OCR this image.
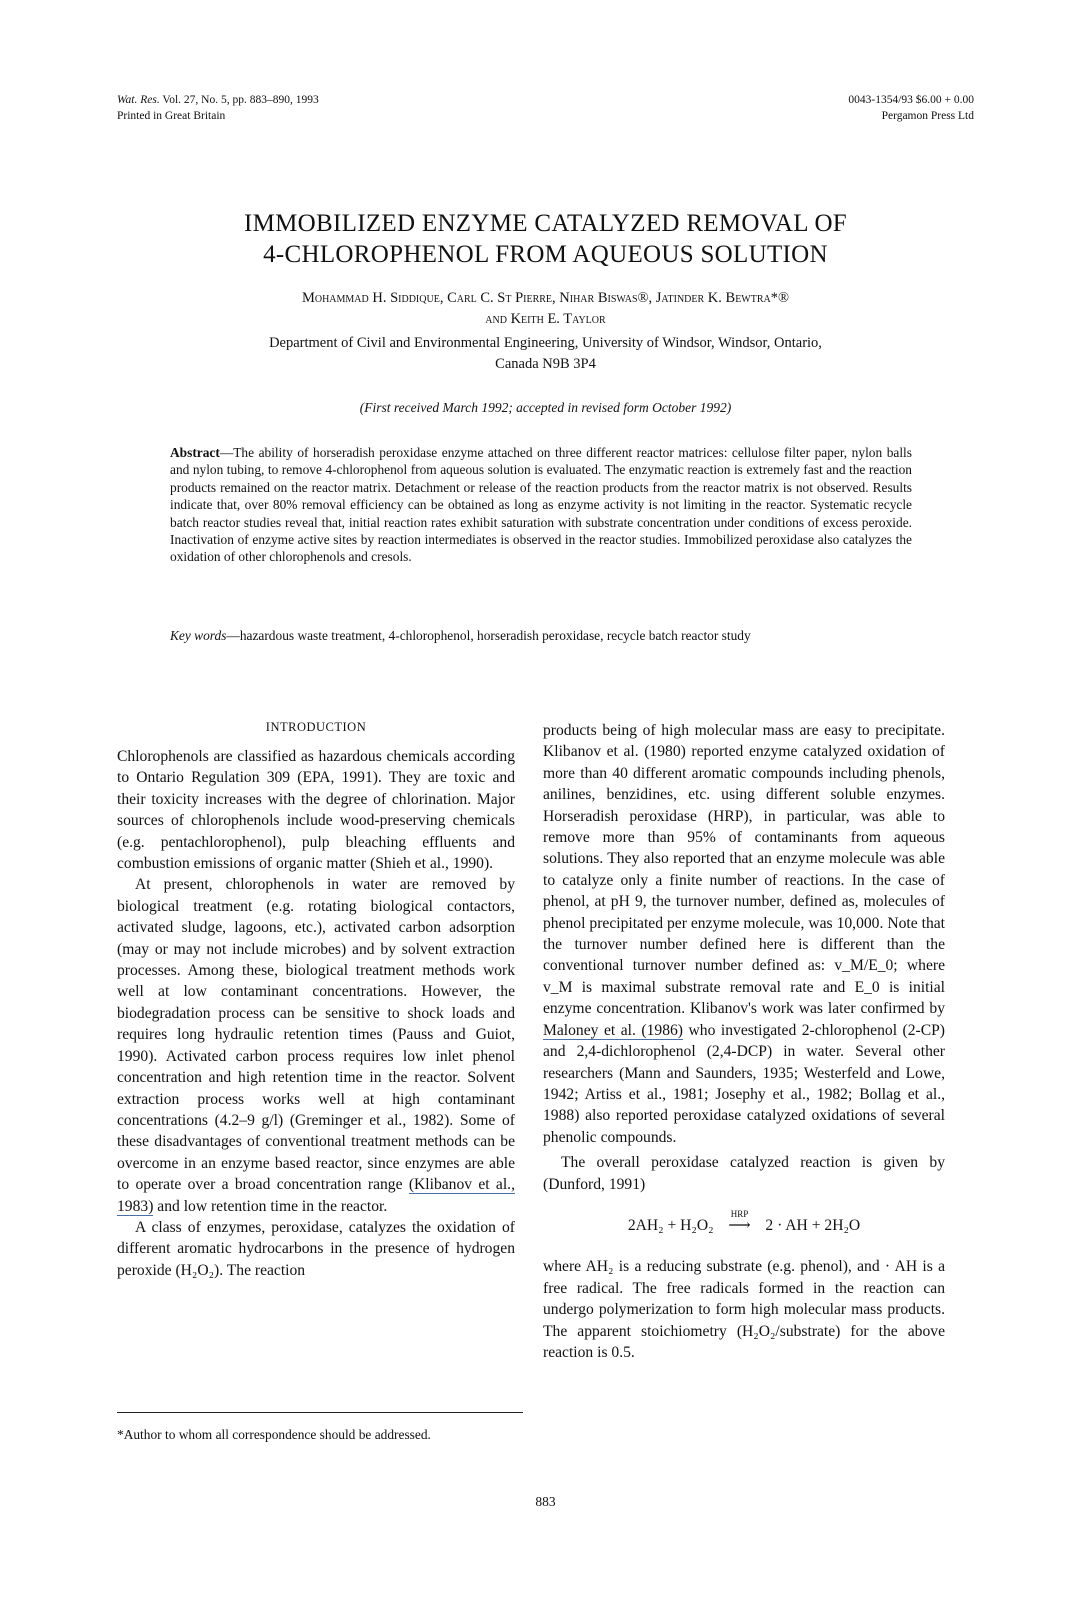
Wat. Res. Vol. 27, No. 5, pp. 883–890, 1993
Printed in Great Britain
0043-1354/93 $6.00 + 0.00
Pergamon Press Ltd
IMMOBILIZED ENZYME CATALYZED REMOVAL OF
4-CHLOROPHENOL FROM AQUEOUS SOLUTION
Mohammad H. Siddique, Carl C. St Pierre, Nihar Biswas®, Jatinder K. Bewtra*®
and Keith E. Taylor
Department of Civil and Environmental Engineering, University of Windsor, Windsor, Ontario,
Canada N9B 3P4
(First received March 1992; accepted in revised form October 1992)
Abstract—The ability of horseradish peroxidase enzyme attached on three different reactor matrices: cellulose filter paper, nylon balls and nylon tubing, to remove 4-chlorophenol from aqueous solution is evaluated. The enzymatic reaction is extremely fast and the reaction products remained on the reactor matrix. Detachment or release of the reaction products from the reactor matrix is not observed. Results indicate that, over 80% removal efficiency can be obtained as long as enzyme activity is not limiting in the reactor. Systematic recycle batch reactor studies reveal that, initial reaction rates exhibit saturation with substrate concentration under conditions of excess peroxide. Inactivation of enzyme active sites by reaction intermediates is observed in the reactor studies. Immobilized peroxidase also catalyzes the oxidation of other chlorophenols and cresols.
Key words—hazardous waste treatment, 4-chlorophenol, horseradish peroxidase, recycle batch reactor study
INTRODUCTION

Chlorophenols are classified as hazardous chemicals according to Ontario Regulation 309 (EPA, 1991). They are toxic and their toxicity increases with the degree of chlorination. Major sources of chlorophenols include wood-preserving chemicals (e.g. pentachlorophenol), pulp bleaching effluents and combustion emissions of organic matter (Shieh et al., 1990).

At present, chlorophenols in water are removed by biological treatment (e.g. rotating biological contactors, activated sludge, lagoons, etc.), activated carbon adsorption (may or may not include microbes) and by solvent extraction processes. Among these, biological treatment methods work well at low contaminant concentrations. However, the biodegradation process can be sensitive to shock loads and requires long hydraulic retention times (Pauss and Guiot, 1990). Activated carbon process requires low inlet phenol concentration and high retention time in the reactor. Solvent extraction process works well at high contaminant concentrations (4.2–9 g/l) (Greminger et al., 1982). Some of these disadvantages of conventional treatment methods can be overcome in an enzyme based reactor, since enzymes are able to operate over a broad concentration range (Klibanov et al., 1983) and low retention time in the reactor.

A class of enzymes, peroxidase, catalyzes the oxidation of different aromatic hydrocarbons in the presence of hydrogen peroxide (H₂O₂). The reaction

products being of high molecular mass are easy to precipitate. Klibanov et al. (1980) reported enzyme catalyzed oxidation of more than 40 different aromatic compounds including phenols, anilines, benzidines, etc. using different soluble enzymes. Horseradish peroxidase (HRP), in particular, was able to remove more than 95% of contaminants from aqueous solutions. They also reported that an enzyme molecule was able to catalyze only a finite number of reactions. In the case of phenol, at pH 9, the turnover number, defined as, molecules of phenol precipitated per enzyme molecule, was 10,000. Note that the turnover number defined here is different than the conventional turnover number defined as: v_M/E_0; where v_M is maximal substrate removal rate and E_0 is initial enzyme concentration. Klibanov's work was later confirmed by Maloney et al. (1986) who investigated 2-chlorophenol (2-CP) and 2,4-dichlorophenol (2,4-DCP) in water. Several other researchers (Mann and Saunders, 1935; Westerfeld and Lowe, 1942; Artiss et al., 1981; Josephy et al., 1982; Bollag et al., 1988) also reported peroxidase catalyzed oxidations of several phenolic compounds.

The overall peroxidase catalyzed reaction is given by (Dunford, 1991)

2AH₂ + H₂O₂
HRP
⟶ 2 · AH + 2H₂O

where AH₂ is a reducing substrate (e.g. phenol), and · AH is a free radical. The free radicals formed in the reaction can undergo polymerization to form high molecular mass products. The apparent stoichiometry (H₂O₂/substrate) for the above reaction is 0.5.

*Author to whom all correspondence should be addressed.
883
